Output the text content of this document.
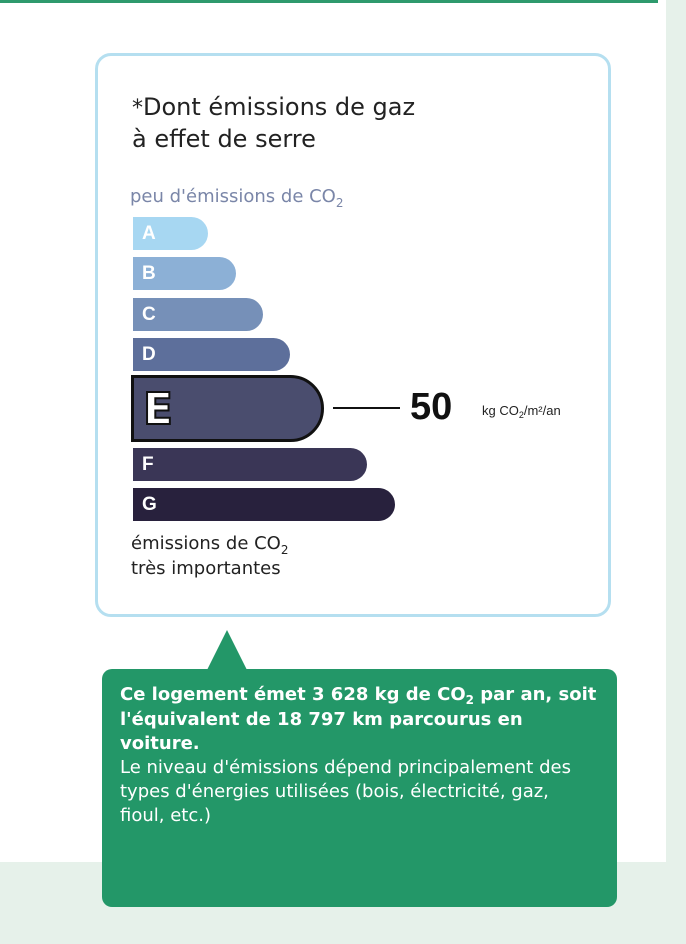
*Dont émissions de gaz
à effet de serre
peu d'émissions de $CO_2$
A
B
C
D
E
F
G
50 kg $CO_2/m^2/an$
émissions de $CO_2$
très importantes
Ce logement émet 3 628 kg de $CO_2$ par an, soit l'équivalent de 18 797 km parcourus en voiture.
Le niveau d'émissions dépend principalement des types d'énergies utilisées (bois, électricité, gaz, fioul, etc.)
